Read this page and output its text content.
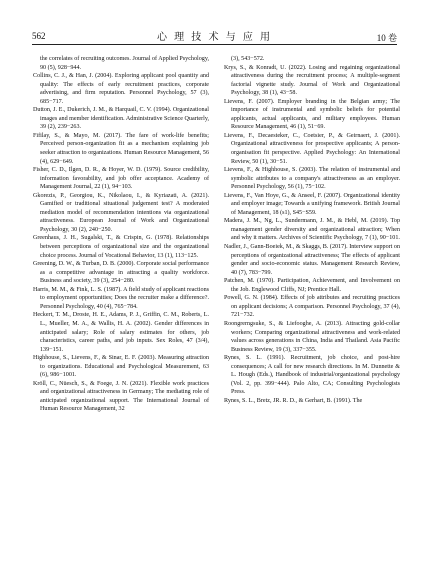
562	心 理 技 术 与 应 用	10 卷

the correlates of recruiting outcomes. Journal of Applied Psychology, 90 (5), 928−944.

Collins, C. J., & Han, J. (2004). Exploring applicant pool quantity and quality: The effects of early recruitment practices, corporate advertising, and firm reputation. Personnel Psychology, 57 (3), 685−717.

Dutton, J. E., Dukerich, J. M., & Harquail, C. V. (1994). Organizational images and member identification. Administrative Science Quarterly, 39 (2), 239−263.

Fifilay, S., & Mayo, M. (2017). The fare of work-life benefits; Perceived person-organization fit as a mechanism explaining job seeker attraction to organizations. Human Resource Management, 56 (4), 629−649.

Fisher, C. D., Ilgen, D. R., & Hoyer, W. D. (1979). Source credibility, information favorability, and job offer acceptance. Academy of Management Journal, 22 (1), 94−103.

Gkorezis, P., Georgiou, K., Nikolaou, I., & Kyriazati, A. (2021). Gamified or traditional situational judgement test? A moderated mediation model of recommendation intentions via organizational attractiveness. European Journal of Work and Organizational Psychology, 30 (2), 240−250.

Greenhaus, J. H., Sugalski, T., & Crispin, G. (1978). Relationships between perceptions of organizational size and the organizational choice process. Journal of Vocational Behavior, 13 (1), 113−125.

Greening, D. W., & Turban, D. B. (2000). Corporate social performance as a competitive advantage in attracting a quality workforce. Business and society, 39 (3), 254−280.

Harris, M. M., & Fink, L. S. (1987). A field study of applicant reactions to employment opportunities; Does the recruiter make a difference?. Personnel Psychology, 40 (4), 765−784.

Heckert, T. M., Droste, H. E., Adams, P. J., Griffin, C. M., Roberts, L. L., Mueller, M. A., & Wallis, H. A. (2002). Gender differences in anticipated salary; Role of salary estimates for others, job characteristics, career paths, and job inputs. Sex Roles, 47 (3/4), 139−151.

Highhouse, S., Lievens, F., & Sinar, E. F. (2003). Measuring attraction to organizations. Educational and Psychological Measurement, 63 (6), 986−1001.

Kröll, C., Nüesch, S., & Foege, J. N. (2021). Flexible work practices and organizational attractiveness in Germany; The mediating role of anticipated organizational support. The International Journal of Human Resource Management, 32

(3), 543−572.

Krys, S., & Konradt, U. (2022). Losing and regaining organizational attractiveness during the recruitment process; A multiple-segment factorial vignette study. Journal of Work and Organizational Psychology, 38 (1), 43−58.

Lievens, F. (2007). Employer branding in the Belgian army; The importance of instrumental and symbolic beliefs for potential applicants, actual applicants, and military employees. Human Resource Management, 46 (1), 51−69.

Lievens, F., Decaesteker, C., Coetsier, P., & Geirnaert, J. (2001). Organizational attractiveness for prospective applicants; A person-organisation fit perspective. Applied Psychology: An International Review, 50 (1), 30−51.

Lievens, F., & Highhouse, S. (2003). The relation of instrumental and symbolic attributes to a company's attractiveness as an employer. Personnel Psychology, 56 (1), 75−102.

Lievens, F., Van Hoye, G., & Anseel, F. (2007). Organizational identity and employer image; Towards a unifying framework. British Journal of Management, 18 (s1), S45−S59.

Madera, J. M., Ng, L., Sundermann, J. M., & Hebl, M. (2019). Top management gender diversity and organizational attraction; When and why it matters. Archives of Scientific Psychology, 7 (1), 90−101.

Nadler, J., Gann-Boeiek, M., & Skaggs, B. (2017). Interview support on perceptions of organizational attractiveness; The effects of applicant gender and socio-economic status. Management Research Review, 40 (7), 783−799.

Patchen, M. (1970). Participation, Achievement, and Involvement on the Job. Englewood Cliffs, NJ; Prentice Hall.

Powell, G. N. (1984). Effects of job attributes and recruiting practices on applicant decisions; A comparison. Personnel Psychology, 37 (4), 721−732.

Roongrerngsuke, S., & Liefooghe, A. (2013). Attracting gold-collar workers; Comparing organizational attractiveness and work-related values across generations in China, India and Thailand. Asia Pacific Business Review, 19 (3), 337−355.

Rynes, S. L. (1991). Recruitment, job choice, and post-hire consequences; A call for new research directions. In M. Dunnette & L. Hough (Eds.), Handbook of industrial/organizational psychology (Vol. 2, pp. 399−444). Palo Alto, CA; Consulting Psychologists Press.

Rynes, S. L., Bretz, JR. R. D., & Gerhart, B. (1991). The
